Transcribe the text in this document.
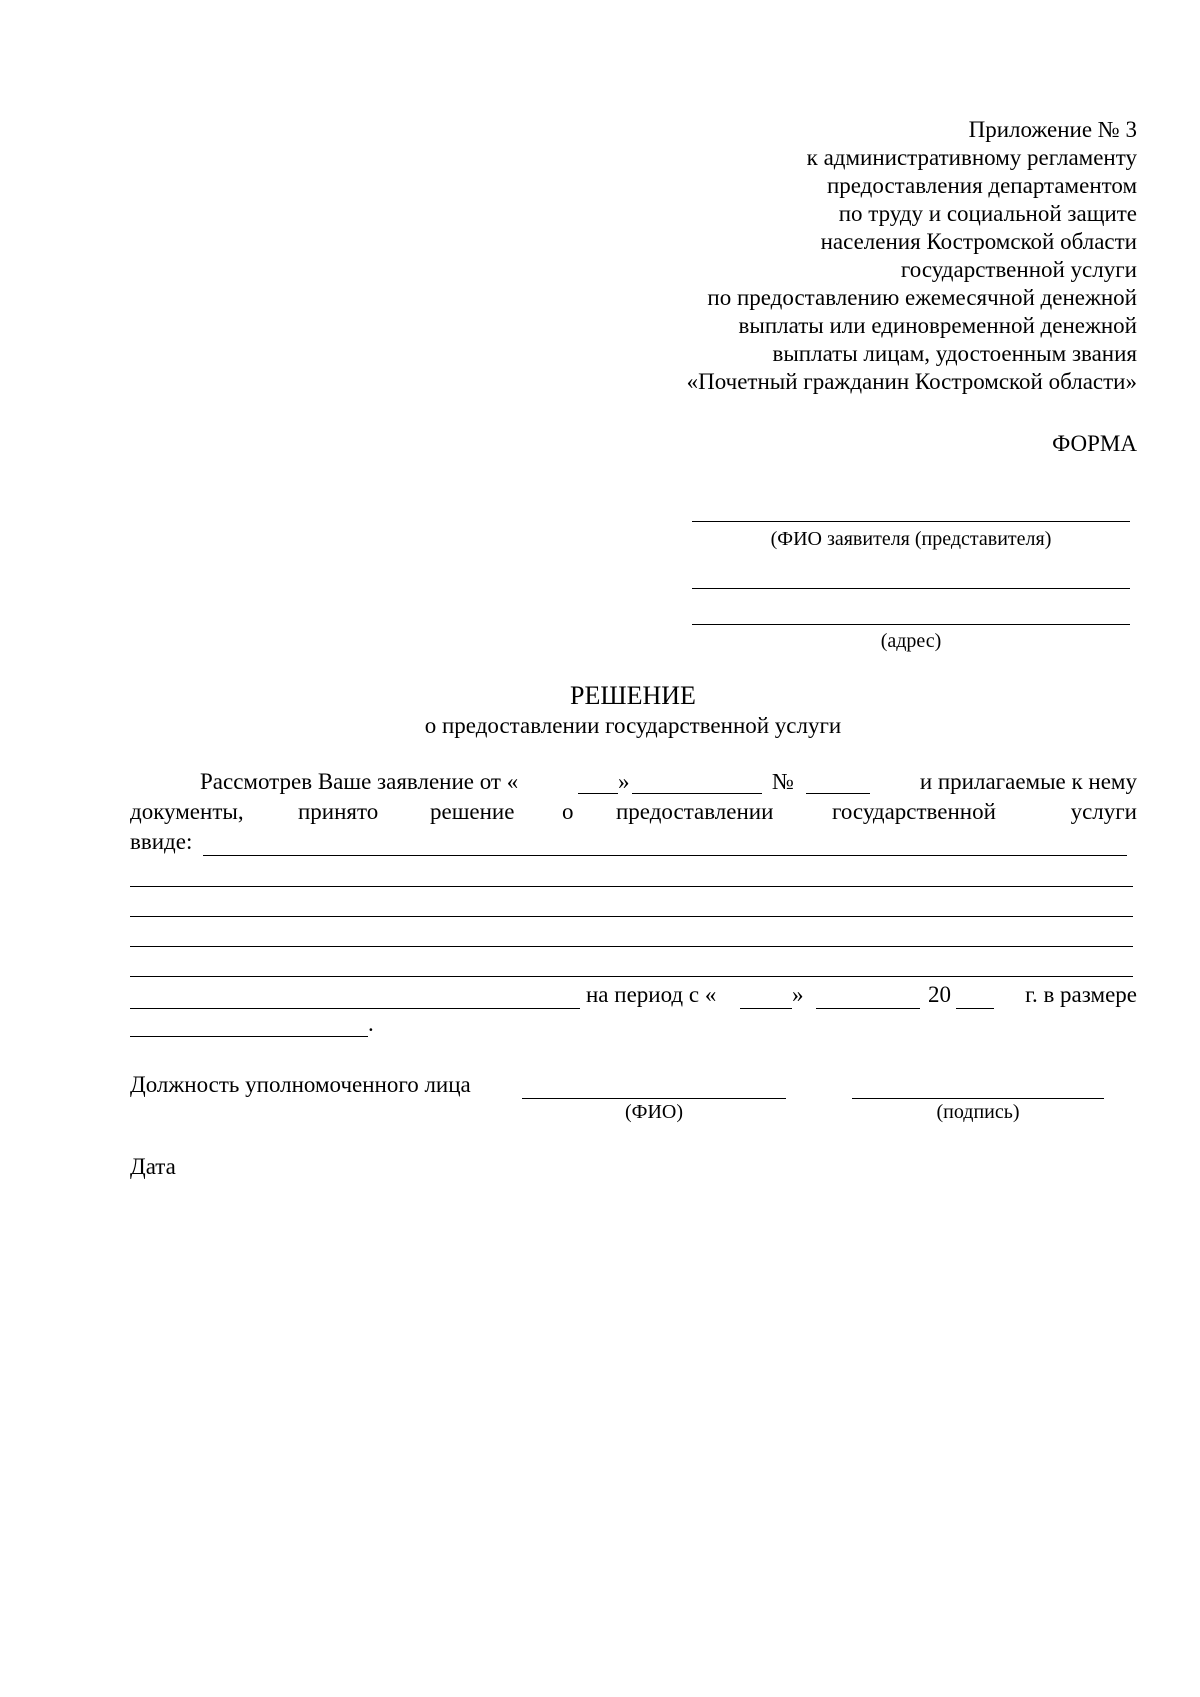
Приложение № 3
к административному регламенту
предоставления департаментом
по труду и социальной защите
населения Костромской области
государственной услуги
по предоставлению ежемесячной денежной
выплаты или единовременной денежной
выплаты лицам, удостоенным звания
«Почетный гражданин Костромской области»
ФОРМА
(ФИО заявителя (представителя)
(адрес)
РЕШЕНИЕ
о предоставлении государственной услуги
Рассмотрев Ваше заявление от «	»	№	и прилагаемые к нему
документы, принято решение о предоставлении	государственной	услуги
ввиде:
на период с «	»	20	г. в размере
.
Должность уполномоченного лица
(ФИО)	(подпись)
Дата
